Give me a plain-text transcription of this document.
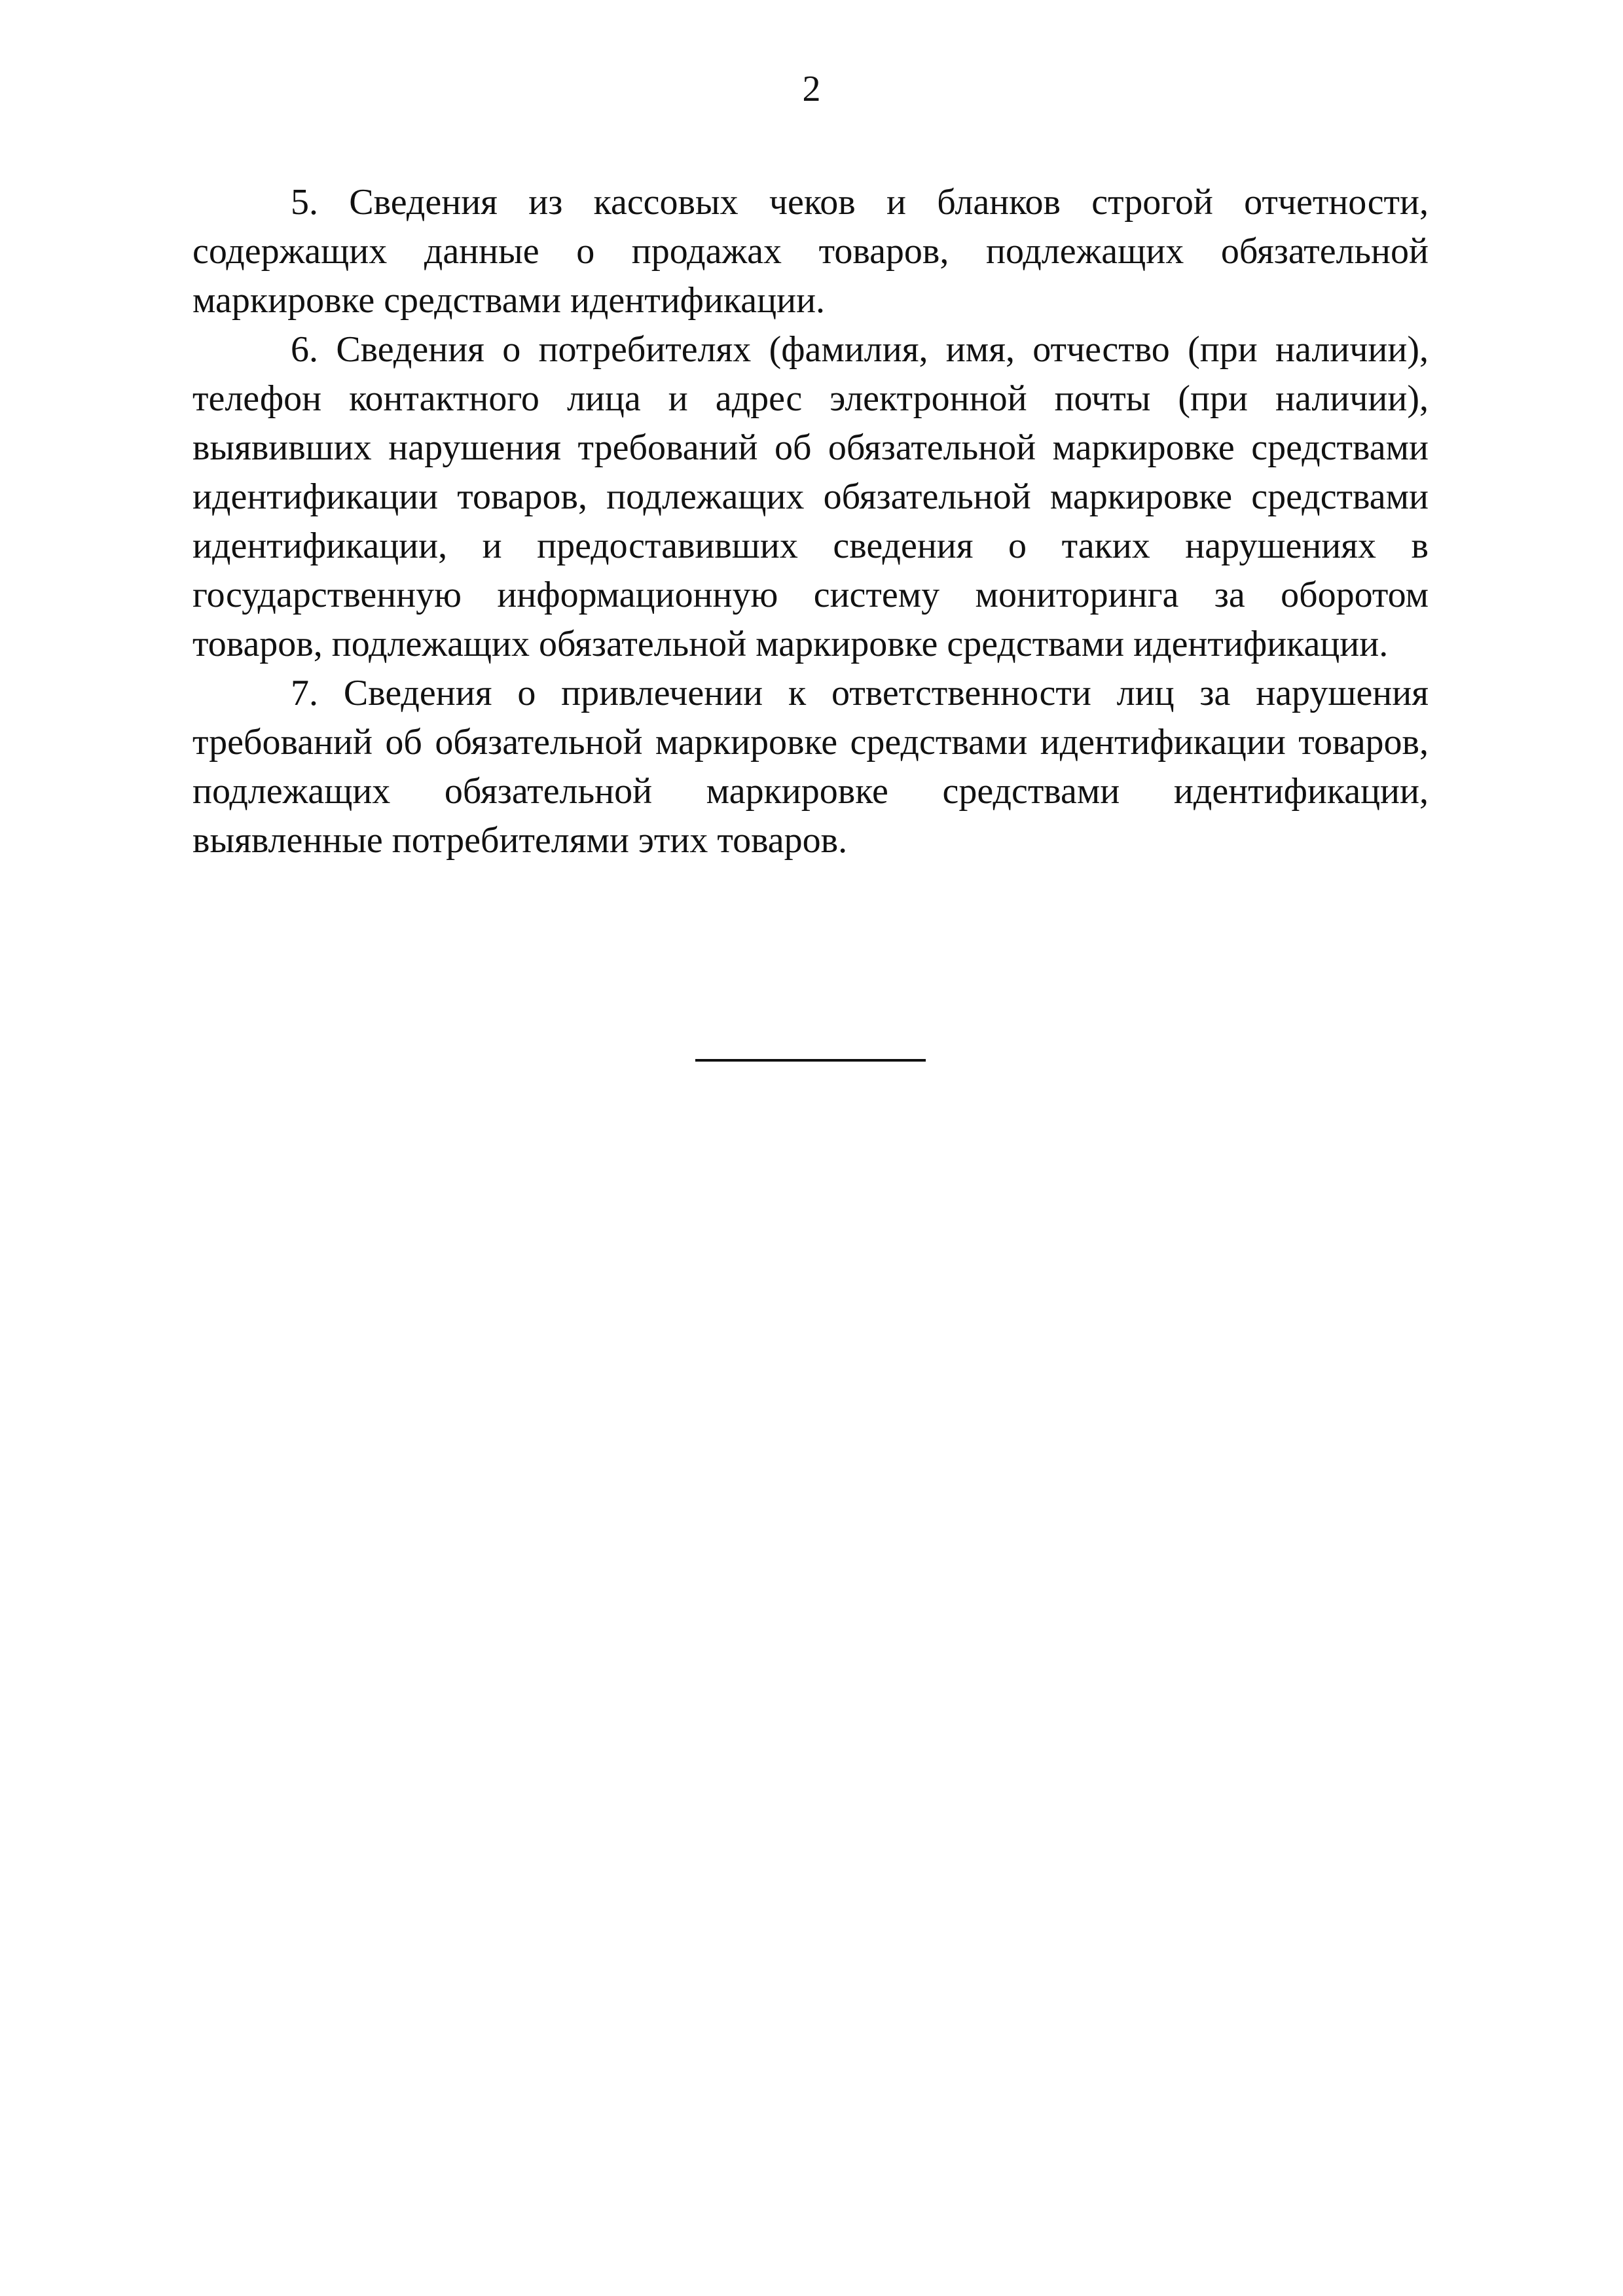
2

5. Сведения из кассовых чеков и бланков строгой отчетности, содержащих данные о продажах товаров, подлежащих обязательной маркировке средствами идентификации.

6. Сведения о потребителях (фамилия, имя, отчество (при наличии), телефон контактного лица и адрес электронной почты (при наличии), выявивших нарушения требований об обязательной маркировке средствами идентификации товаров, подлежащих обязательной маркировке средствами идентификации, и предоставивших сведения о таких нарушениях в государственную информационную систему мониторинга за оборотом товаров, подлежащих обязательной маркировке средствами идентификации.

7. Сведения о привлечении к ответственности лиц за нарушения требований об обязательной маркировке средствами идентификации товаров, подлежащих обязательной маркировке средствами идентификации, выявленные потребителями этих товаров.
